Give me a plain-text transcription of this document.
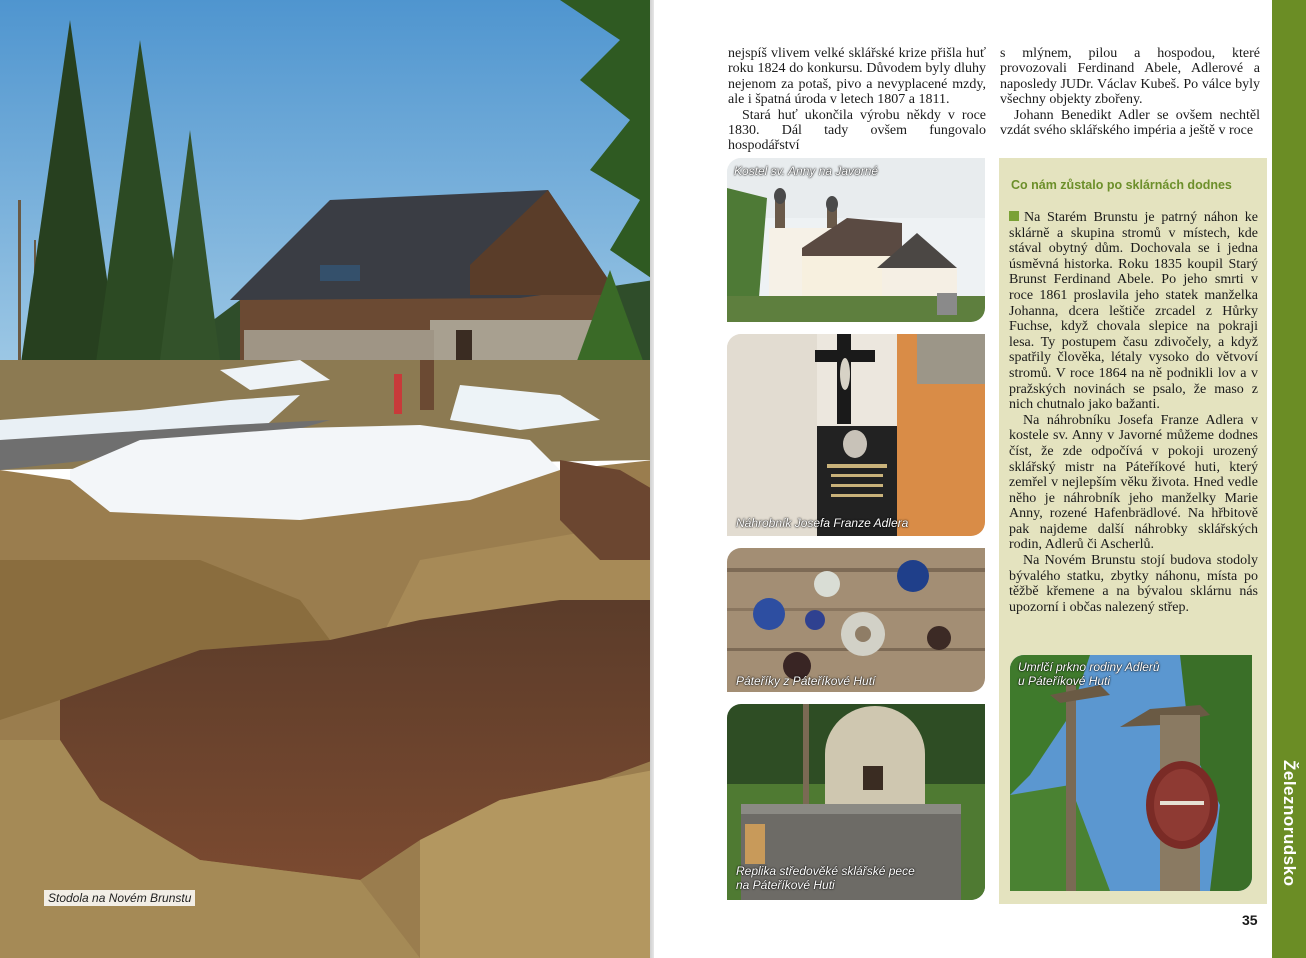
Stodola na Novém Brunstu

nejspíš vlivem velké sklářské krize přišla huť roku 1824 do konkursu. Důvodem byly dluhy nejenom za potaš, pivo a nevyplacené mzdy, ale i špatná úroda v letech 1807 a 1811.

Stará huť ukončila výrobu někdy v roce 1830. Dál tady ovšem fungovalo hospodářství

s mlýnem, pilou a hospodou, které provozovali Ferdinand Abele, Adlerové a naposledy JUDr. Václav Kubeš. Po válce byly všechny objekty zbořeny.

Johann Benedikt Adler se ovšem nechtěl vzdát svého sklářského impéria a ještě v roce

Kostel sv. Anny na Javorné
Náhrobník Josefa Franze Adlera
Páteříky z Páteříkové Hutí
Replika středověké sklářské pece
na Páteříkové Huti
Co nám zůstalo po sklárnách dodnes

Na Starém Brunstu je patrný náhon ke sklárně a skupina stromů v místech, kde stával obytný dům. Dochovala se i jedna úsměvná historka. Roku 1835 koupil Starý Brunst Ferdinand Abele. Po jeho smrti v roce 1861 proslavila jeho statek manželka Johanna, dcera leštiče zrcadel z Hůrky Fuchse, když chovala slepice na pokraji lesa. Ty postupem času zdivočely, a když spatřily člověka, létaly vysoko do větvoví stromů. V roce 1864 na ně podnikli lov a v pražských novinách se psalo, že maso z nich chutnalo jako bažanti.

Na náhrobníku Josefa Franze Adlera v kostele sv. Anny v Javorné můžeme dodnes číst, že zde odpočívá v pokoji urozený sklářský mistr na Páteříkové huti, který zemřel v nejlepším věku života. Hned vedle něho je náhrobník jeho manželky Marie Anny, rozené Hafenbrädlové. Na hřbitově pak najdeme další náhrobky sklářských rodin, Adlerů či Ascherlů.

Na Novém Brunstu stojí budova stodoly bývalého statku, zbytky náhonu, místa po těžbě křemene a na bývalou sklárnu nás upozorní i občas nalezený střep.

Umrlčí prkno rodiny Adlerů
u Páteříkové Huti
Železnorudsko
35
